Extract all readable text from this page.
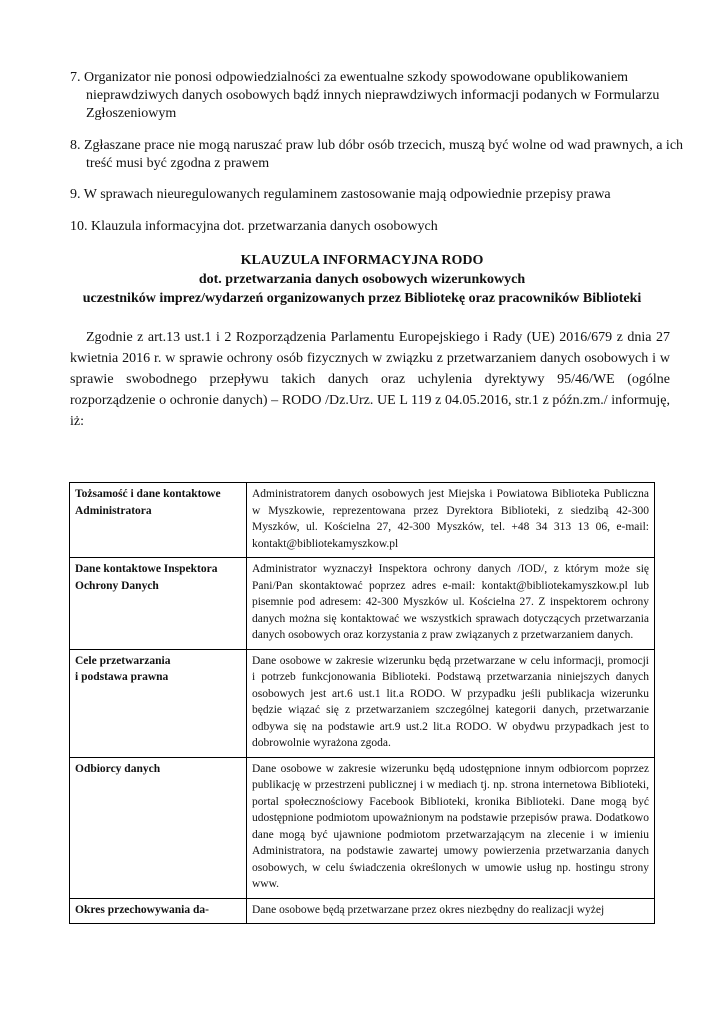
7. Organizator nie ponosi odpowiedzialności za ewentualne szkody spowodowane opublikowaniem nieprawdziwych danych osobowych bądź innych nieprawdziwych informacji podanych w Formularzu Zgłoszeniowym
8. Zgłaszane prace nie mogą naruszać praw lub dóbr osób trzecich, muszą być wolne od wad prawnych, a ich treść musi być zgodna z prawem
9. W sprawach nieuregulowanych regulaminem zastosowanie mają odpowiednie przepisy prawa
10. Klauzula informacyjna dot. przetwarzania danych osobowych
KLAUZULA INFORMACYJNA RODO
dot. przetwarzania danych osobowych wizerunkowych
uczestników imprez/wydarzeń organizowanych przez Bibliotekę oraz pracowników Biblioteki
Zgodnie z art.13 ust.1 i 2 Rozporządzenia Parlamentu Europejskiego i Rady (UE) 2016/679 z dnia 27 kwietnia 2016 r. w sprawie ochrony osób fizycznych w związku z przetwarzaniem danych osobowych i w sprawie swobodnego przepływu takich danych oraz uchylenia dyrektywy 95/46/WE (ogólne rozporządzenie o ochronie danych) – RODO /Dz.Urz. UE L 119 z 04.05.2016, str.1 z późn.zm./ informuję, iż:
Tożsamość i dane kontaktowe
Administratora	Administratorem danych osobowych jest Miejska i Powiatowa Biblioteka Publiczna w Myszkowie, reprezentowana przez Dyrektora Biblioteki, z siedzibą 42-300 Myszków, ul. Kościelna 27, 42-300 Myszków, tel. +48 34 313 13 06, e-mail: kontakt@bibliotekamyszkow.pl

Dane kontaktowe Inspektora
Ochrony Danych	Administrator wyznaczył Inspektora ochrony danych /IOD/, z którym może się Pani/Pan skontaktować poprzez adres e-mail: kontakt@bibliotekamyszkow.pl lub pisemnie pod adresem: 42-300 Myszków ul. Kościelna 27. Z inspektorem ochrony danych można się kontaktować we wszystkich sprawach dotyczących przetwarzania danych osobowych oraz korzystania z praw związanych z przetwarzaniem danych.

Cele przetwarzania
i podstawa prawna	Dane osobowe w zakresie wizerunku będą przetwarzane w celu informacji, promocji i potrzeb funkcjonowania Biblioteki. Podstawą przetwarzania niniejszych danych osobowych jest art.6 ust.1 lit.a RODO. W przypadku jeśli publikacja wizerunku będzie wiązać się z przetwarzaniem szczególnej kategorii danych, przetwarzanie odbywa się na podstawie art.9 ust.2 lit.a RODO. W obydwu przypadkach jest to dobrowolnie wyrażona zgoda.

Odbiorcy danych	Dane osobowe w zakresie wizerunku będą udostępnione innym odbiorcom poprzez publikację w przestrzeni publicznej i w mediach tj. np. strona internetowa Biblioteki, portal społecznościowy Facebook Biblioteki, kronika Biblioteki. Dane mogą być udostępnione podmiotom upoważnionym na podstawie przepisów prawa. Dodatkowo dane mogą być ujawnione podmiotom przetwarzającym na zlecenie i w imieniu Administratora, na podstawie zawartej umowy powierzenia przetwarzania danych osobowych, w celu świadczenia określonych w umowie usług np. hostingu strony www.

Okres przechowywania da-	Dane osobowe będą przetwarzane przez okres niezbędny do realizacji wyżej
